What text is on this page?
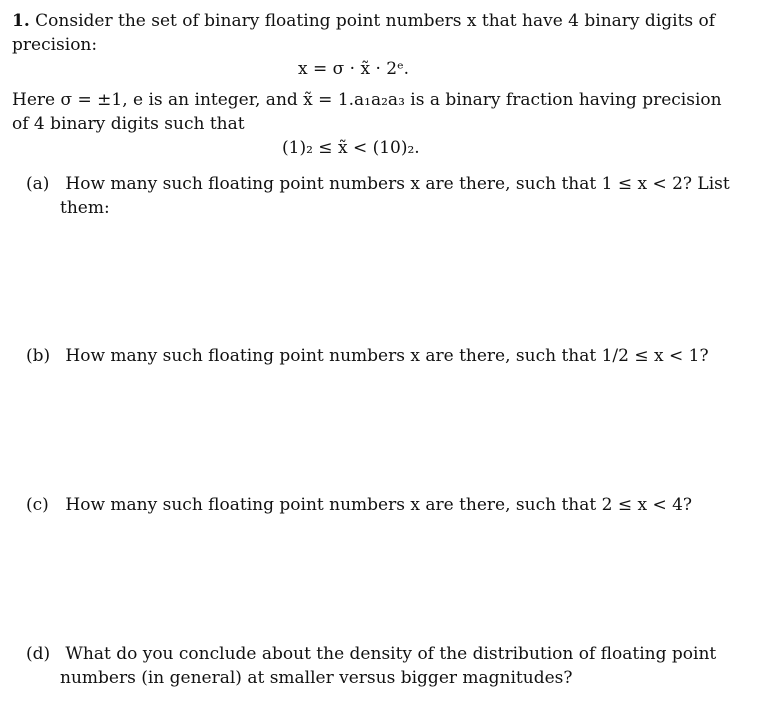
1. Consider the set of binary floating point numbers x that have 4 binary digits of
precision:
x = σ · x̃ · 2ᵉ.
Here σ = ±1, e is an integer, and x̃ = 1.a₁a₂a₃ is a binary fraction having precision
of 4 binary digits such that
(1)₂ ≤ x̃ < (10)₂.
(a) How many such floating point numbers x are there, such that 1 ≤ x < 2? List
them:
(b) How many such floating point numbers x are there, such that 1/2 ≤ x < 1?
(c) How many such floating point numbers x are there, such that 2 ≤ x < 4?
(d) What do you conclude about the density of the distribution of floating point
numbers (in general) at smaller versus bigger magnitudes?
